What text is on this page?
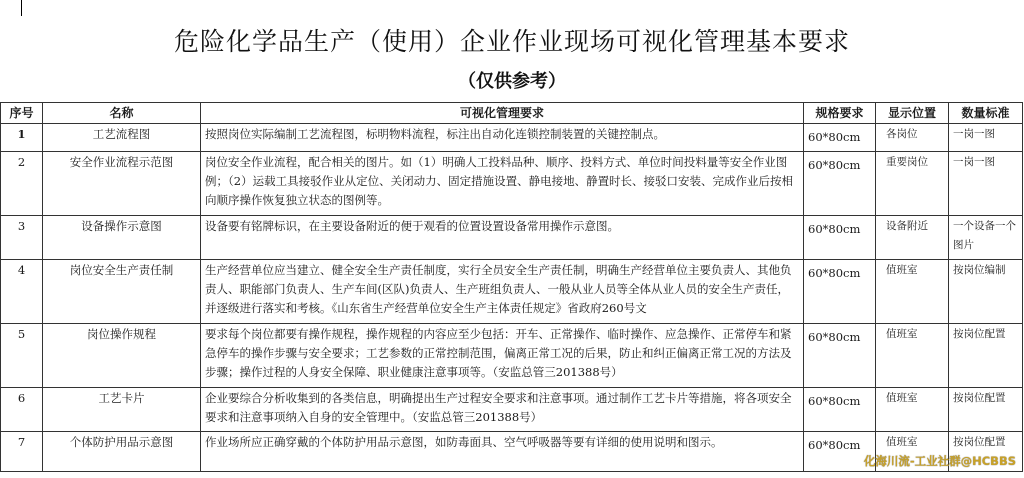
危险化学品生产（使用）企业作业现场可视化管理基本要求
（仅供参考）
序号	名称	可视化管理要求	规格要求	显示位置	数量标准
1	工艺流程图	按照岗位实际编制工艺流程图，标明物料流程，标注出自动化连锁控制装置的关键控制点。	60*80cm	各岗位	一岗一图
2	安全作业流程示范图	岗位安全作业流程，配合相关的图片。如（1）明确人工投料品种、顺序、投料方式、单位时间投料量等安全作业图例；（2）运载工具接驳作业从定位、关闭动力、固定措施设置、静电接地、静置时长、接驳口安装、完成作业后按相向顺序操作恢复独立状态的图例等。	60*80cm	重要岗位	一岗一图
3	设备操作示意图	设备要有铭牌标识，在主要设备附近的便于观看的位置设置设备常用操作示意图。	60*80cm	设备附近	一个设备一个图片
4	岗位安全生产责任制	生产经营单位应当建立、健全安全生产责任制度，实行全员安全生产责任制，明确生产经营单位主要负责人、其他负责人、职能部门负责人、生产车间(区队)负责人、生产班组负责人、一般从业人员等全体从业人员的安全生产责任，并逐级进行落实和考核。《山东省生产经营单位安全生产主体责任规定》省政府260号文	60*80cm	值班室	按岗位编制
5	岗位操作规程	要求每个岗位都要有操作规程，操作规程的内容应至少包括：开车、正常操作、临时操作、应急操作、正常停车和紧急停车的操作步骤与安全要求；工艺参数的正常控制范围，偏离正常工况的后果，防止和纠正偏离正常工况的方法及步骤；操作过程的人身安全保障、职业健康注意事项等。（安监总管三201388号）	60*80cm	值班室	按岗位配置
6	工艺卡片	企业要综合分析收集到的各类信息，明确提出生产过程安全要求和注意事项。通过制作工艺卡片等措施，将各项安全要求和注意事项纳入自身的安全管理中。（安监总管三201388号）	60*80cm	值班室	按岗位配置
7	个体防护用品示意图	作业场所应正确穿戴的个体防护用品示意图，如防毒面具、空气呼吸器等要有详细的使用说明和图示。	60*80cm	值班室	按岗位配置
化海川流-工业社群@HCBBS
